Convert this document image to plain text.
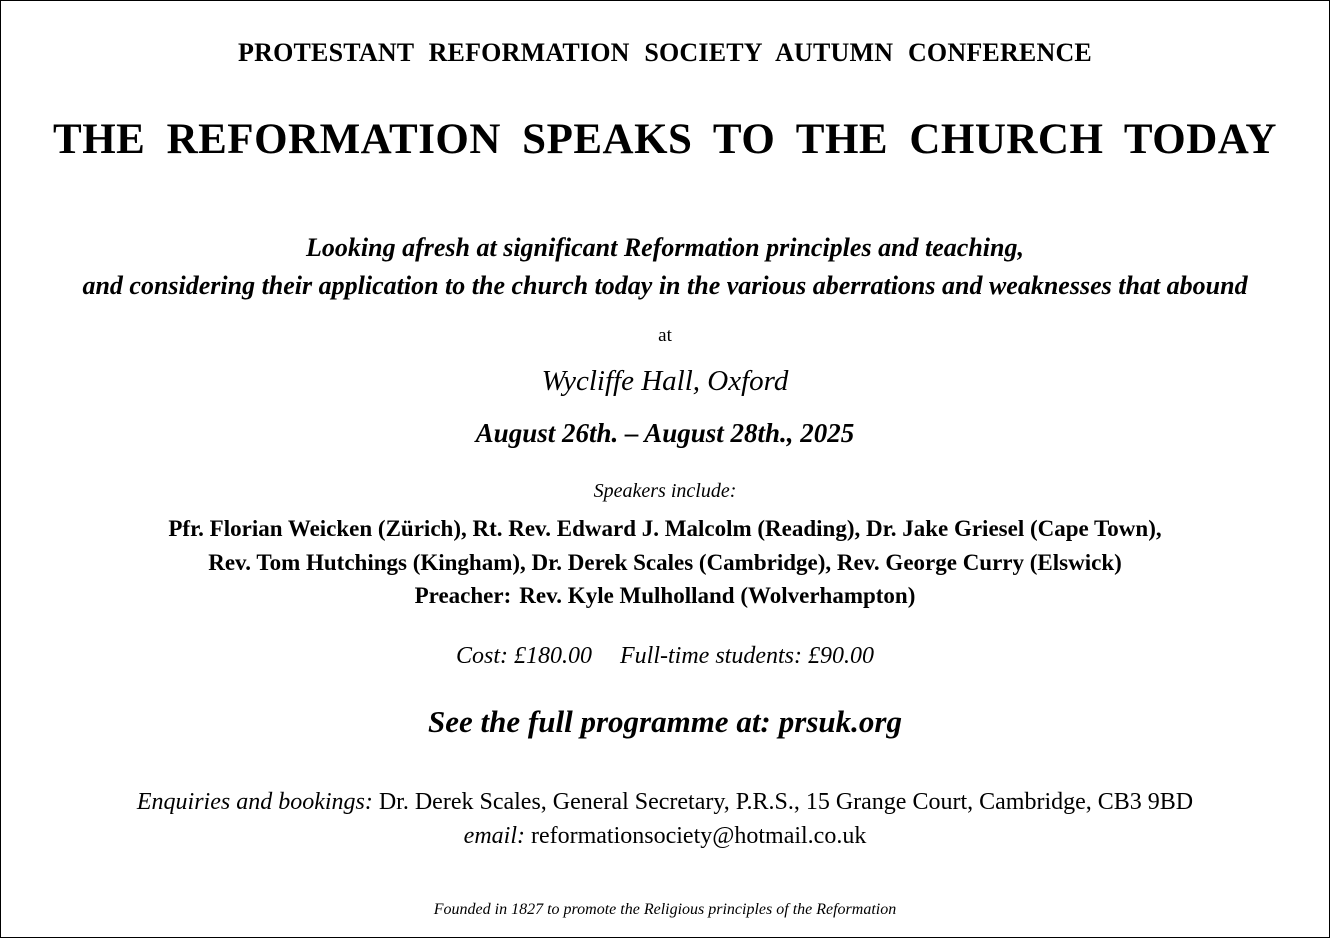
PROTESTANT REFORMATION SOCIETY AUTUMN CONFERENCE
THE REFORMATION SPEAKS TO THE CHURCH TODAY
Looking afresh at significant Reformation principles and teaching,
and considering their application to the church today in the various aberrations and weaknesses that abound
at
Wycliffe Hall, Oxford
August 26th. – August 28th., 2025
Speakers include:
Pfr. Florian Weicken (Zürich), Rt. Rev. Edward J. Malcolm (Reading), Dr. Jake Griesel (Cape Town),
Rev. Tom Hutchings (Kingham), Dr. Derek Scales (Cambridge), Rev. George Curry (Elswick)
Preacher: Rev. Kyle Mulholland (Wolverhampton)
Cost: £180.00 Full-time students: £90.00
See the full programme at: prsuk.org
Enquiries and bookings: Dr. Derek Scales, General Secretary, P.R.S., 15 Grange Court, Cambridge, CB3 9BD
email: reformationsociety@hotmail.co.uk
Founded in 1827 to promote the Religious principles of the Reformation
